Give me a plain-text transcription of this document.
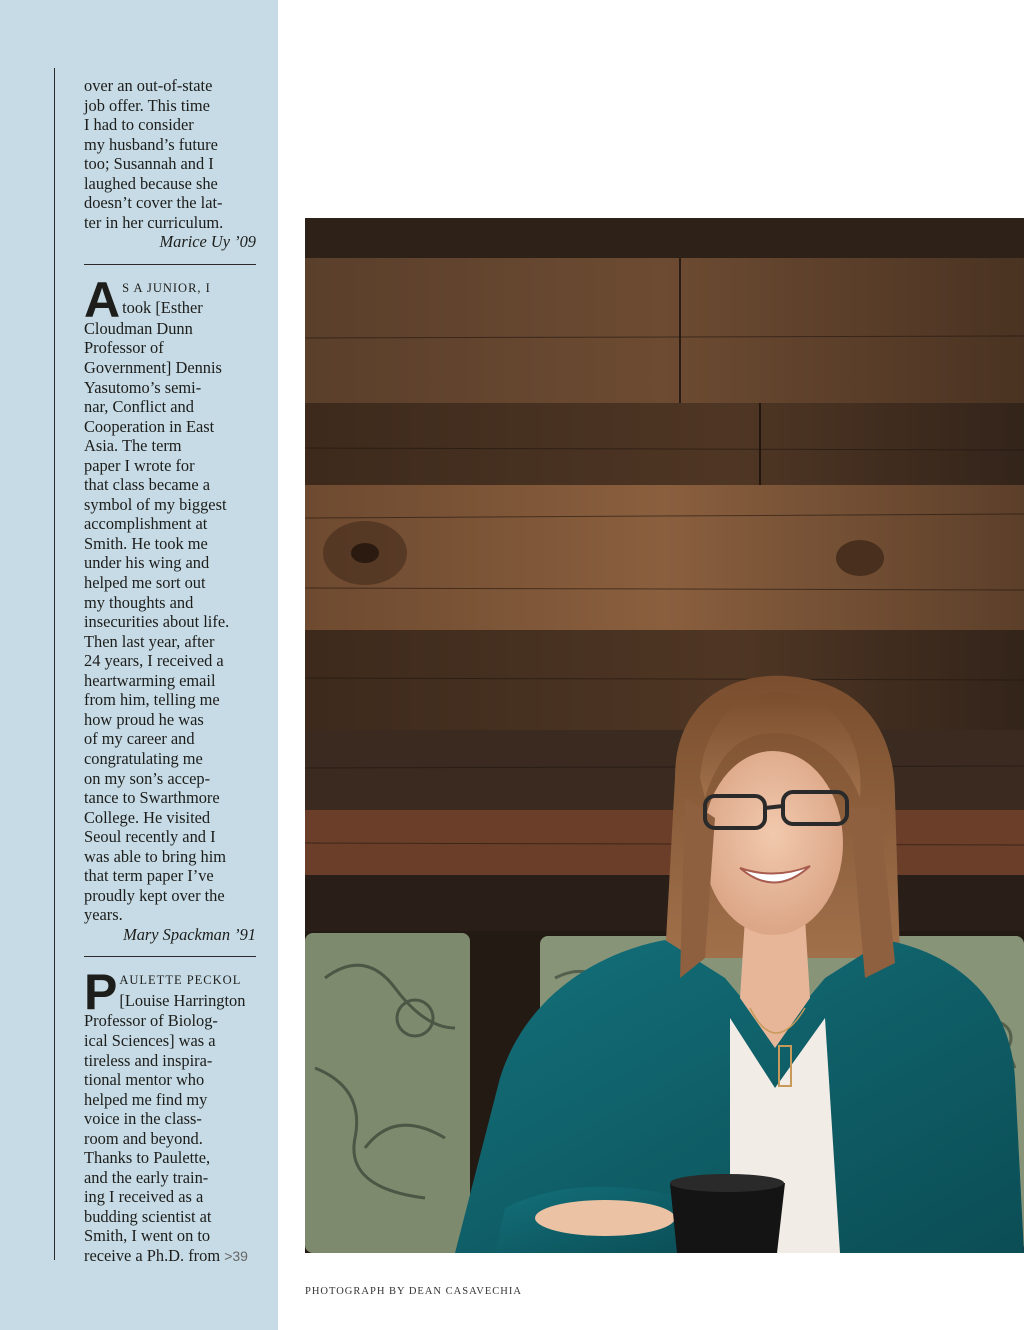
over an out-of-state
job offer. This time
I had to consider
my husband’s future
too; Susannah and I
laughed because she
doesn’t cover the lat-
ter in her curriculum.
Marice Uy ’09
A S A JUNIOR, I
took [Esther
Cloudman Dunn
Professor of
Government] Dennis
Yasutomo’s semi-
nar, Conflict and
Cooperation in East
Asia. The term
paper I wrote for
that class became a
symbol of my biggest
accomplishment at
Smith. He took me
under his wing and
helped me sort out
my thoughts and
insecurities about life.
Then last year, after
24 years, I received a
heartwarming email
from him, telling me
how proud he was
of my career and
congratulating me
on my son’s accep-
tance to Swarthmore
College. He visited
Seoul recently and I
was able to bring him
that term paper I’ve
proudly kept over the
years.
Mary Spackman ’91
P AULETTE PECKOL
[Louise Harrington
Professor of Biolog-
ical Sciences] was a
tireless and inspira-
tional mentor who
helped me find my
voice in the class-
room and beyond.
Thanks to Paulette,
and the early train-
ing I received as a
budding scientist at
Smith, I went on to
receive a Ph.D. from >39
PHOTOGRAPH BY DEAN CASAVECHIA
